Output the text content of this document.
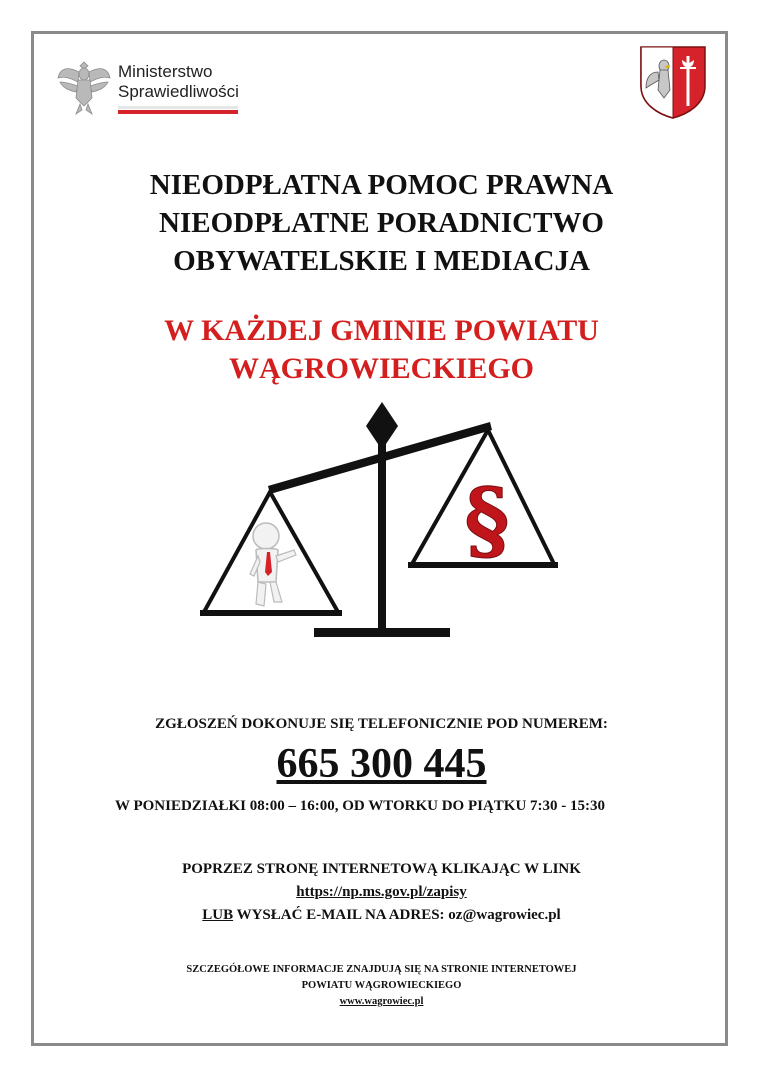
Ministerstwo
Sprawiedliwości
NIEODPŁATNA POMOC PRAWNA
NIEODPŁATNE PORADNICTWO
OBYWATELSKIE I MEDIACJA
W KAŻDEJ GMINIE POWIATU
WĄGROWIECKIEGO
§
ZGŁOSZEŃ DOKONUJE SIĘ TELEFONICZNIE POD NUMEREM:
665 300 445
W PONIEDZIAŁKI 08:00 – 16:00, OD WTORKU DO PIĄTKU 7:30 - 15:30
POPRZEZ STRONĘ INTERNETOWĄ KLIKAJĄC W LINK
https://np.ms.gov.pl/zapisy
LUB WYSŁAĆ E-MAIL NA ADRES: oz@wagrowiec.pl
SZCZEGÓŁOWE INFORMACJE ZNAJDUJĄ SIĘ NA STRONIE INTERNETOWEJ
POWIATU WĄGROWIECKIEGO
www.wagrowiec.pl
